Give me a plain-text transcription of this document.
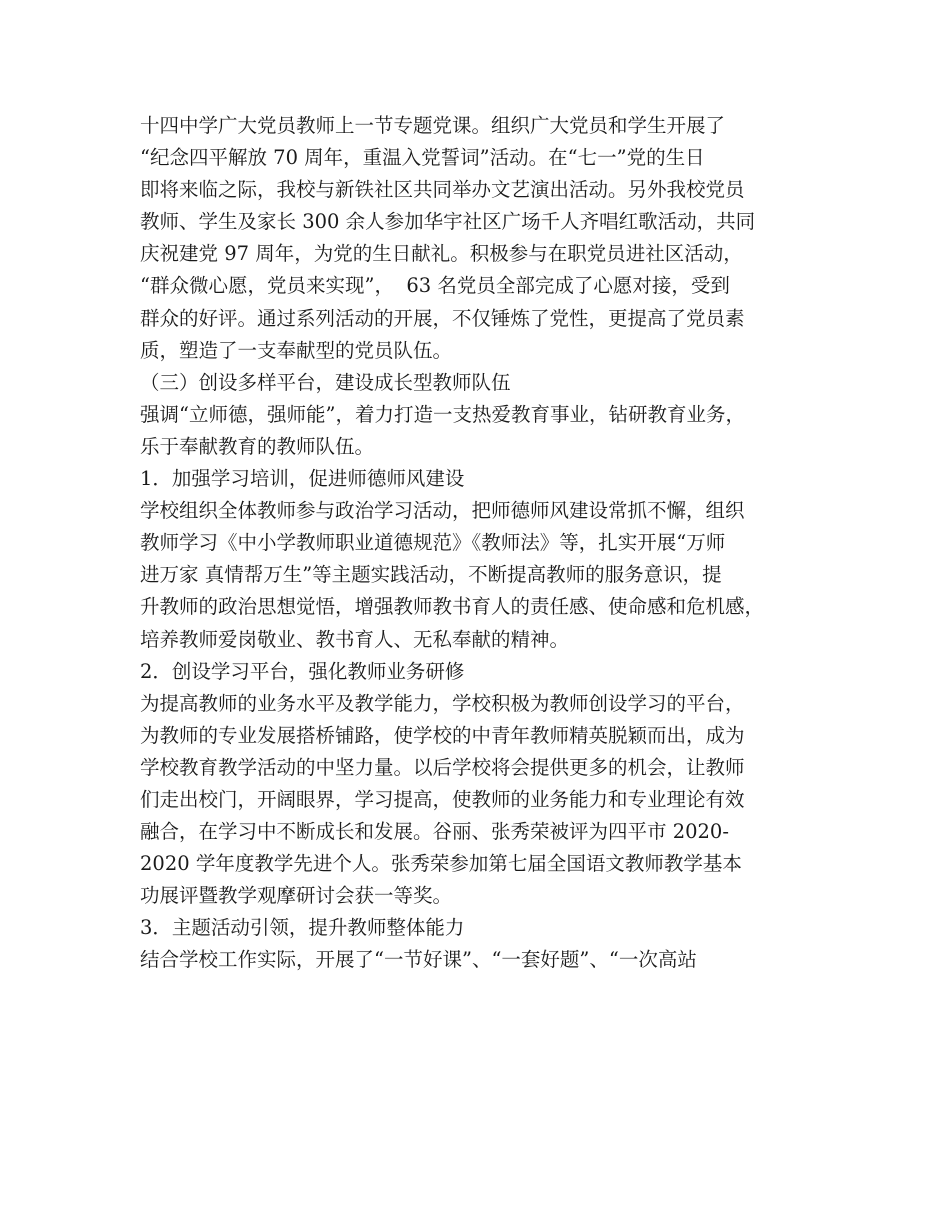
十四中学广大党员教师上一节专题党课。组织广大党员和学生开展了
“纪念四平解放 70 周年，重温入党誓词”活动。在“七一”党的生日
即将来临之际，我校与新铁社区共同举办文艺演出活动。另外我校党员
教师、学生及家长 300 余人参加华宇社区广场千人齐唱红歌活动，共同
庆祝建党 97 周年，为党的生日献礼。积极参与在职党员进社区活动，
“群众微心愿，党员来实现”，  63 名党员全部完成了心愿对接，受到
群众的好评。通过系列活动的开展，不仅锤炼了党性，更提高了党员素
质，塑造了一支奉献型的党员队伍。
（三）创设多样平台，建设成长型教师队伍
强调“立师德，强师能”，着力打造一支热爱教育事业，钻研教育业务，
乐于奉献教育的教师队伍。
1．加强学习培训，促进师德师风建设
学校组织全体教师参与政治学习活动，把师德师风建设常抓不懈，组织
教师学习《中小学教师职业道德规范》《教师法》等，扎实开展“万师
进万家 真情帮万生”等主题实践活动，不断提高教师的服务意识，提
升教师的政治思想觉悟，增强教师教书育人的责任感、使命感和危机感，
培养教师爱岗敬业、教书育人、无私奉献的精神。
2．创设学习平台，强化教师业务研修
为提高教师的业务水平及教学能力，学校积极为教师创设学习的平台，
为教师的专业发展搭桥铺路，使学校的中青年教师精英脱颖而出，成为
学校教育教学活动的中坚力量。以后学校将会提供更多的机会，让教师
们走出校门，开阔眼界，学习提高，使教师的业务能力和专业理论有效
融合，在学习中不断成长和发展。谷丽、张秀荣被评为四平市 2020-
2020 学年度教学先进个人。张秀荣参加第七届全国语文教师教学基本
功展评暨教学观摩研讨会获一等奖。
3．主题活动引领，提升教师整体能力
结合学校工作实际，开展了“一节好课”、“一套好题”、“一次高站
